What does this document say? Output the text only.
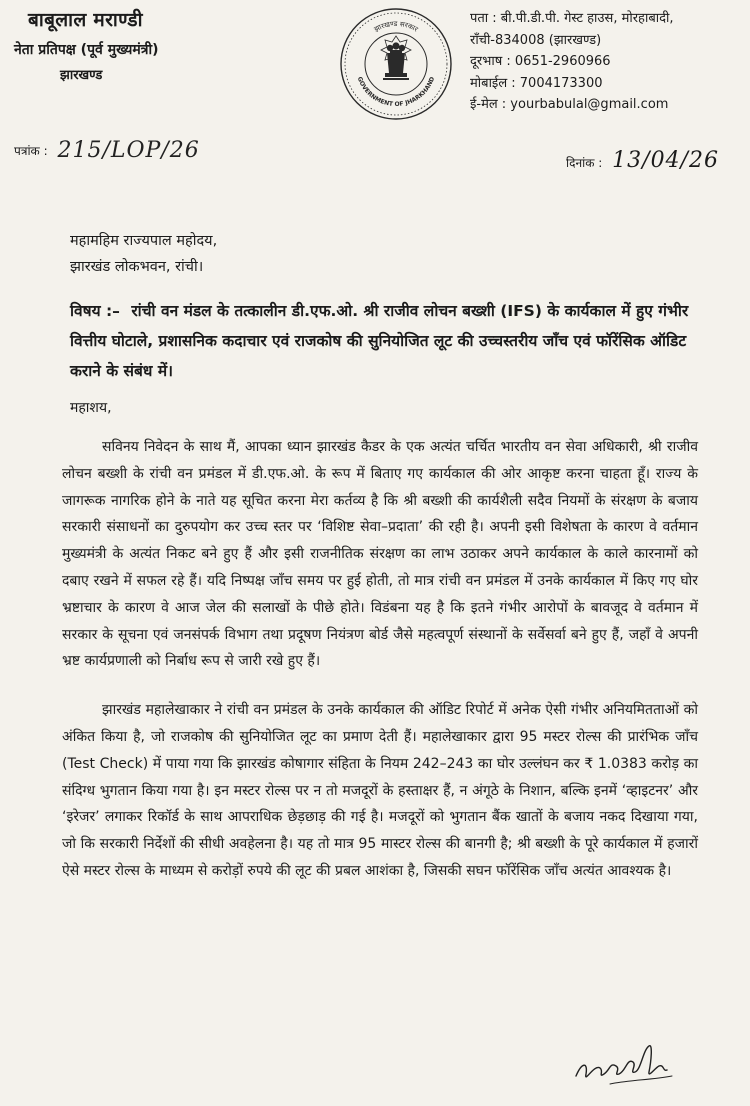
बाबूलाल मराण्डी
नेता प्रतिपक्ष (पूर्व मुख्यमंत्री)
झारखण्ड
झारखण्ड सरकार
GOVERNMENT OF JHARKHAND
पता : बी.पी.डी.पी. गेस्ट हाउस, मोरहाबादी,
राँची-834008 (झारखण्ड)
दूरभाष : 0651-2960966
मोबाईल : 7004173300
ई-मेल : yourbabulal@gmail.com
पत्रांक : 215/LOP/26	दिनांक : 13/04/26
महामहिम राज्यपाल महोदय,
झारखंड लोकभवन, रांची।
विषय :– रांची वन मंडल के तत्कालीन डी.एफ.ओ. श्री राजीव लोचन बख्शी (IFS) के कार्यकाल में हुए गंभीर वित्तीय घोटाले, प्रशासनिक कदाचार एवं राजकोष की सुनियोजित लूट की उच्चस्तरीय जाँच एवं फॉरेंसिक ऑडिट कराने के संबंध में।
महाशय,

सविनय निवेदन के साथ मैं, आपका ध्यान झारखंड कैडर के एक अत्यंत चर्चित भारतीय वन सेवा अधिकारी, श्री राजीव लोचन बख्शी के रांची वन प्रमंडल में डी.एफ.ओ. के रूप में बिताए गए कार्यकाल की ओर आकृष्ट करना चाहता हूँ। राज्य के जागरूक नागरिक होने के नाते यह सूचित करना मेरा कर्तव्य है कि श्री बख्शी की कार्यशैली सदैव नियमों के संरक्षण के बजाय सरकारी संसाधनों का दुरुपयोग कर उच्च स्तर पर ‘विशिष्ट सेवा–प्रदाता’ की रही है। अपनी इसी विशेषता के कारण वे वर्तमान मुख्यमंत्री के अत्यंत निकट बने हुए हैं और इसी राजनीतिक संरक्षण का लाभ उठाकर अपने कार्यकाल के काले कारनामों को दबाए रखने में सफल रहे हैं। यदि निष्पक्ष जाँच समय पर हुई होती, तो मात्र रांची वन प्रमंडल में उनके कार्यकाल में किए गए घोर भ्रष्टाचार के कारण वे आज जेल की सलाखों के पीछे होते। विडंबना यह है कि इतने गंभीर आरोपों के बावजूद वे वर्तमान में सरकार के सूचना एवं जनसंपर्क विभाग तथा प्रदूषण नियंत्रण बोर्ड जैसे महत्वपूर्ण संस्थानों के सर्वेसर्वा बने हुए हैं, जहाँ वे अपनी भ्रष्ट कार्यप्रणाली को निर्बाध रूप से जारी रखे हुए हैं।

झारखंड महालेखाकार ने रांची वन प्रमंडल के उनके कार्यकाल की ऑडिट रिपोर्ट में अनेक ऐसी गंभीर अनियमितताओं को अंकित किया है, जो राजकोष की सुनियोजित लूट का प्रमाण देती हैं। महालेखाकार द्वारा 95 मस्टर रोल्स की प्रारंभिक जाँच (Test Check) में पाया गया कि झारखंड कोषागार संहिता के नियम 242–243 का घोर उल्लंघन कर ₹ 1.0383 करोड़ का संदिग्ध भुगतान किया गया है। इन मस्टर रोल्स पर न तो मजदूरों के हस्ताक्षर हैं, न अंगूठे के निशान, बल्कि इनमें ‘व्हाइटनर’ और ‘इरेजर’ लगाकर रिकॉर्ड के साथ आपराधिक छेड़छाड़ की गई है। मजदूरों को भुगतान बैंक खातों के बजाय नकद दिखाया गया, जो कि सरकारी निर्देशों की सीधी अवहेलना है। यह तो मात्र 95 मास्टर रोल्स की बानगी है; श्री बख्शी के पूरे कार्यकाल में हजारों ऐसे मस्टर रोल्स के माध्यम से करोड़ों रुपये की लूट की प्रबल आशंका है, जिसकी सघन फॉरेंसिक जाँच अत्यंत आवश्यक है।
